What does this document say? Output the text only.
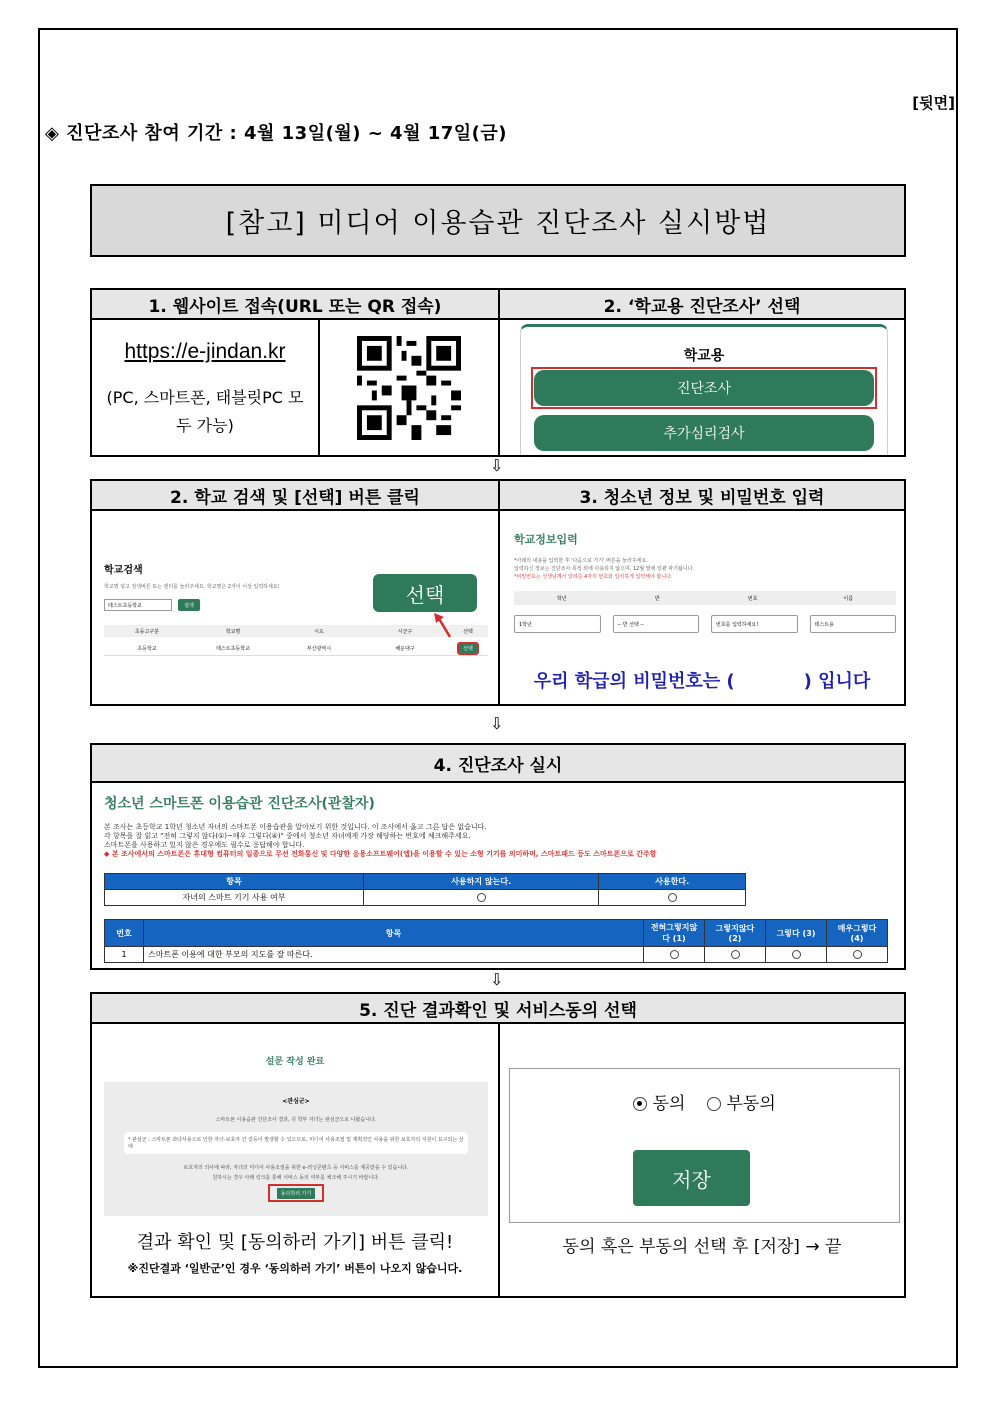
[뒷면]
◈ 진단조사 참여 기간 : 4월 13일(월) ~ 4월 17일(금)
[참고] 미디어 이용습관 진단조사 실시방법
1. 웹사이트 접속(URL 또는 QR 접속)
https://e-jindan.kr
(PC, 스마트폰, 태블릿PC 모두 가능)
2. ‘학교용 진단조사’ 선택
학교용
진단조사
추가심리검사
⇩
2. 학교 검색 및 [선택] 버튼 클릭
학교검색
학교명 넣고 검색버튼 또는 엔터를 눌러주세요. 학교명은 2자이 이상 입력하세요!
테스트초등학교	검색
초등고구분	학교명	시도	시군구	선택
초등학교	테스트초등학교	부산광역시	해운대구	선택
선택
3. 청소년 정보 및 비밀번호 입력
학교정보입력
*아래의 내용을 입력한 후 '다음으로 가기' 버튼을 눌러주세요.
입력하신 정보는 진단조사 목적 외에 사용되지 않으며, 12월 말에 일괄 파기됩니다.
*비밀번호는 선생님께서 알려준 4자리 번호와 일치하게 입력해야 합니다.
학년	반	번호	이름
1학년	-- 반 선택 --	번호를 입력하세요!	테스트용
우리 학급의 비밀번호는 (           ) 입니다
⇩
4. 진단조사 실시
청소년 스마트폰 이용습관 진단조사(관찰자)
본 조사는 초등학교 1학년 청소년 자녀의 스마트폰 이용습관을 알아보기 위한 것입니다. 이 조사에서 옳고 그른 답은 없습니다.
각 항목을 잘 읽고 "전혀 그렇지 않다(①)~매우 그렇다(④)" 중에서 청소년 자녀에게 가장 해당하는 번호에 체크해주세요.
스마트폰을 사용하고 있지 않은 경우에도 필수로 응답해야 합니다.
◆ 본 조사에서의 스마트폰은 휴대형 컴퓨터의 일종으로 무선 전화통신 및 다양한 응용소프트웨어(앱)을 이용할 수 있는 소형 기기를 의미하며, 스마트패드 등도 스마트폰으로 간주함
항목	사용하지 않는다.	사용한다.
자녀의 스마트 기기 사용 여부		
번호	항목	전혀그렇지않다 (1)	그렇지않다 (2)	그렇다 (3)	매우그렇다 (4)
1	스마트폰 이용에 대한 부모의 지도를 잘 따른다.				
⇩
5. 진단 결과확인 및 서비스동의 선택
설문 작성 완료
<관심군>
스마트폰 이용습관 진단조사 결과, 귀 학부 자녀는 관심군으로 나왔습니다.
* 관심군 : 스마트폰 과다사용으로 인한 자녀-보호자 간 갈등이 발생할 수 있으므로, 미디어 사용조절 및 계획적인 사용을 위한 보호자의 지원이 요구되는 상태
보호자의 의사에 따라, 자녀의 미디어 사용조절을 위한 e-러닝콘텐츠 등 서비스를 제공받을 수 있습니다.
원하시는 경우 아래 링크를 통해 서비스 동의 여부를 체크해 주시기 바랍니다.
동의하러 가기
결과 확인 및 [동의하러 가기] 버튼 클릭!
※진단결과 ‘일반군’인 경우 ‘동의하러 가기’ 버튼이 나오지 않습니다.
동의 부동의
저장
동의 혹은 부동의 선택 후 [저장] → 끝
